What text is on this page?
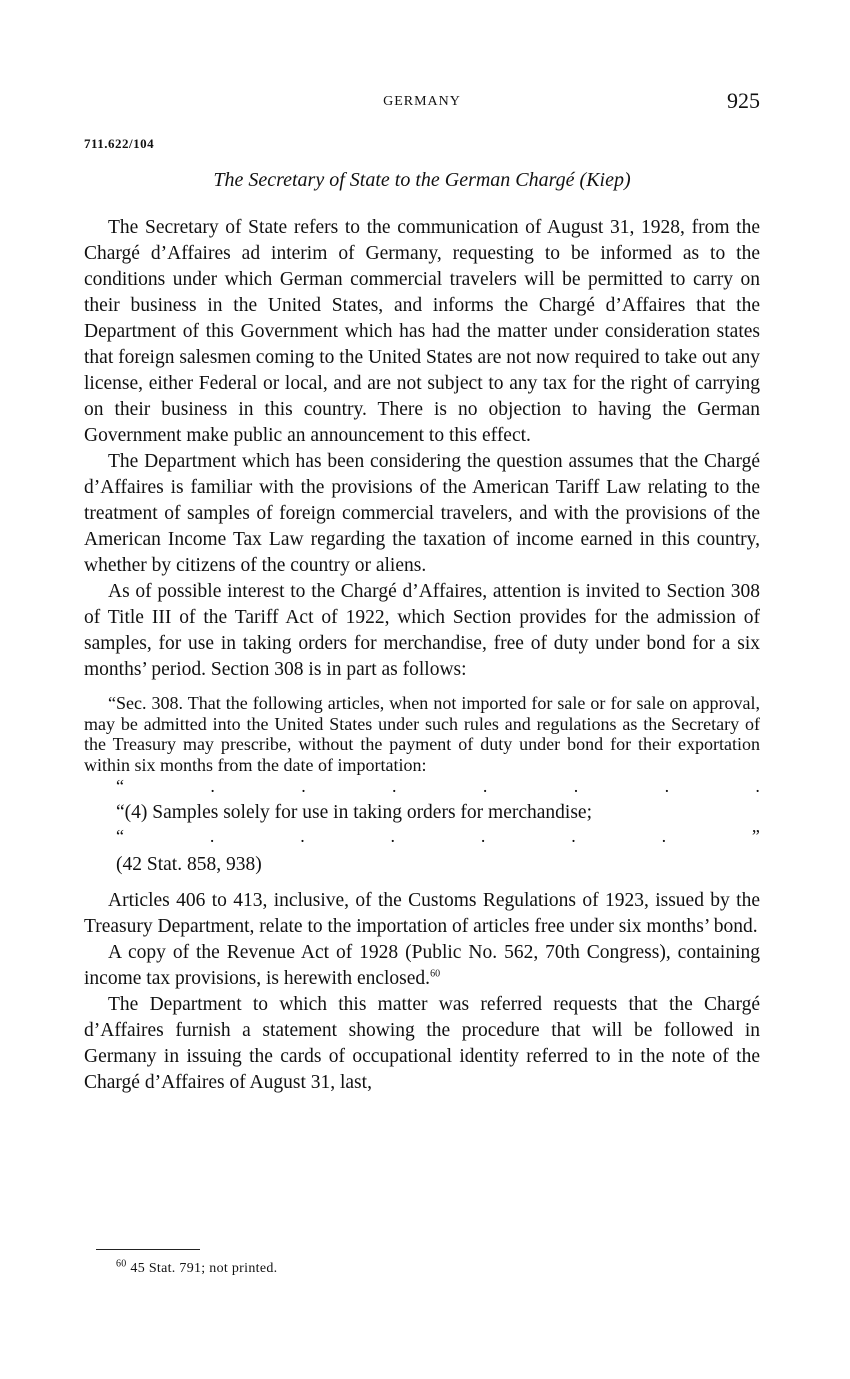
GERMANY	925
711.622/104
The Secretary of State to the German Chargé (Kiep)

The Secretary of State refers to the communication of August 31, 1928, from the Chargé d’Affaires ad interim of Germany, requesting to be informed as to the conditions under which German commercial travelers will be permitted to carry on their business in the United States, and informs the Chargé d’Affaires that the Department of this Government which has had the matter under consideration states that foreign salesmen coming to the United States are not now required to take out any license, either Federal or local, and are not subject to any tax for the right of carrying on their business in this country. There is no objection to having the German Government make public an announcement to this effect.

The Department which has been considering the question assumes that the Chargé d’Affaires is familiar with the provisions of the American Tariff Law relating to the treatment of samples of foreign commercial travelers, and with the provisions of the American Income Tax Law regarding the taxation of income earned in this country, whether by citizens of the country or aliens.

As of possible interest to the Chargé d’Affaires, attention is invited to Section 308 of Title III of the Tariff Act of 1922, which Section provides for the admission of samples, for use in taking orders for merchandise, free of duty under bond for a six months’ period. Section 308 is in part as follows:

“Sec. 308. That the following articles, when not imported for sale or for sale on approval, may be admitted into the United States under such rules and regulations as the Secretary of the Treasury may prescribe, without the payment of duty under bond for their exportation within six months from the date of importation:

“	.	.	.	.	.	.	.
“(4) Samples solely for use in taking orders for merchandise;
“	.	.	.	.	.	.	”
(42 Stat. 858, 938)

Articles 406 to 413, inclusive, of the Customs Regulations of 1923, issued by the Treasury Department, relate to the importation of articles free under six months’ bond.

A copy of the Revenue Act of 1928 (Public No. 562, 70th Congress), containing income tax provisions, is herewith enclosed.$^{60}$

The Department to which this matter was referred requests that the Chargé d’Affaires furnish a statement showing the procedure that will be followed in Germany in issuing the cards of occupational identity referred to in the note of the Chargé d’Affaires of August 31, last,

$^{60}$ 45 Stat. 791; not printed.
